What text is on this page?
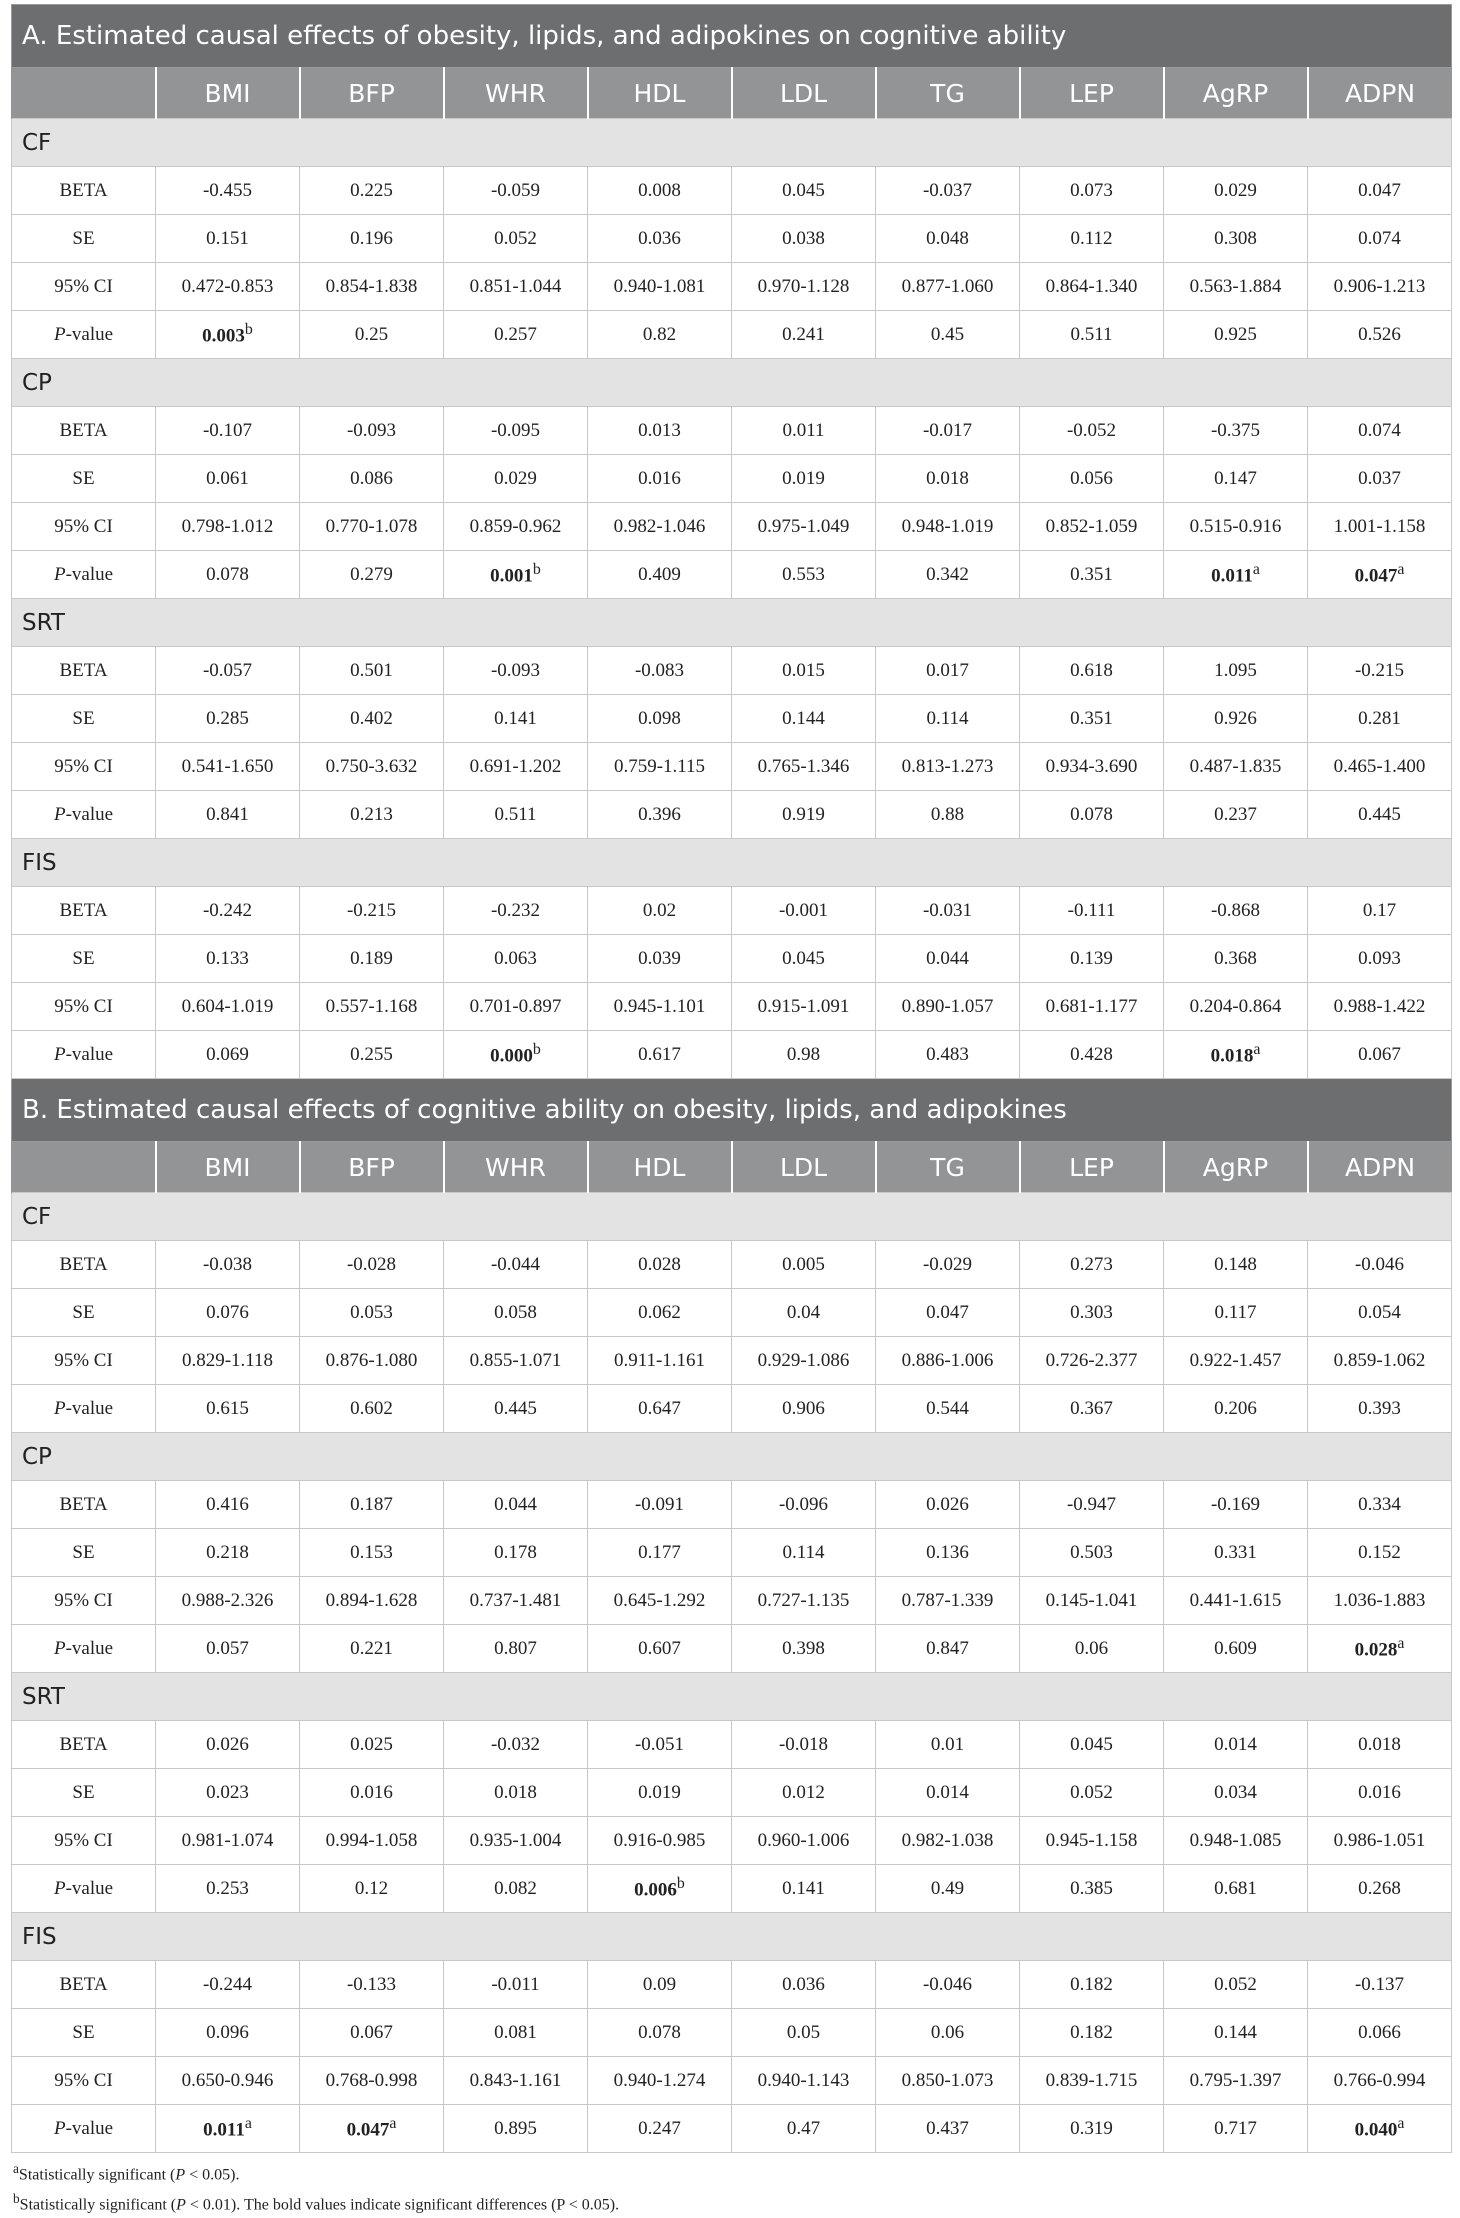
A. Estimated causal effects of obesity, lipids, and adipokines on cognitive ability									
	BMI	BFP	WHR	HDL	LDL	TG	LEP	AgRP	ADPN
CF									
BETA	-0.455	0.225	-0.059	0.008	0.045	-0.037	0.073	0.029	0.047
SE	0.151	0.196	0.052	0.036	0.038	0.048	0.112	0.308	0.074
95% CI	0.472-0.853	0.854-1.838	0.851-1.044	0.940-1.081	0.970-1.128	0.877-1.060	0.864-1.340	0.563-1.884	0.906-1.213
P-value	0.003$^b$	0.25	0.257	0.82	0.241	0.45	0.511	0.925	0.526
CP									
BETA	-0.107	-0.093	-0.095	0.013	0.011	-0.017	-0.052	-0.375	0.074
SE	0.061	0.086	0.029	0.016	0.019	0.018	0.056	0.147	0.037
95% CI	0.798-1.012	0.770-1.078	0.859-0.962	0.982-1.046	0.975-1.049	0.948-1.019	0.852-1.059	0.515-0.916	1.001-1.158
P-value	0.078	0.279	0.001$^b$	0.409	0.553	0.342	0.351	0.011$^a$	0.047$^a$
SRT									
BETA	-0.057	0.501	-0.093	-0.083	0.015	0.017	0.618	1.095	-0.215
SE	0.285	0.402	0.141	0.098	0.144	0.114	0.351	0.926	0.281
95% CI	0.541-1.650	0.750-3.632	0.691-1.202	0.759-1.115	0.765-1.346	0.813-1.273	0.934-3.690	0.487-1.835	0.465-1.400
P-value	0.841	0.213	0.511	0.396	0.919	0.88	0.078	0.237	0.445
FIS									
BETA	-0.242	-0.215	-0.232	0.02	-0.001	-0.031	-0.111	-0.868	0.17
SE	0.133	0.189	0.063	0.039	0.045	0.044	0.139	0.368	0.093
95% CI	0.604-1.019	0.557-1.168	0.701-0.897	0.945-1.101	0.915-1.091	0.890-1.057	0.681-1.177	0.204-0.864	0.988-1.422
P-value	0.069	0.255	0.000$^b$	0.617	0.98	0.483	0.428	0.018$^a$	0.067
B. Estimated causal effects of cognitive ability on obesity, lipids, and adipokines									
	BMI	BFP	WHR	HDL	LDL	TG	LEP	AgRP	ADPN
CF									
BETA	-0.038	-0.028	-0.044	0.028	0.005	-0.029	0.273	0.148	-0.046
SE	0.076	0.053	0.058	0.062	0.04	0.047	0.303	0.117	0.054
95% CI	0.829-1.118	0.876-1.080	0.855-1.071	0.911-1.161	0.929-1.086	0.886-1.006	0.726-2.377	0.922-1.457	0.859-1.062
P-value	0.615	0.602	0.445	0.647	0.906	0.544	0.367	0.206	0.393
CP									
BETA	0.416	0.187	0.044	-0.091	-0.096	0.026	-0.947	-0.169	0.334
SE	0.218	0.153	0.178	0.177	0.114	0.136	0.503	0.331	0.152
95% CI	0.988-2.326	0.894-1.628	0.737-1.481	0.645-1.292	0.727-1.135	0.787-1.339	0.145-1.041	0.441-1.615	1.036-1.883
P-value	0.057	0.221	0.807	0.607	0.398	0.847	0.06	0.609	0.028$^a$
SRT									
BETA	0.026	0.025	-0.032	-0.051	-0.018	0.01	0.045	0.014	0.018
SE	0.023	0.016	0.018	0.019	0.012	0.014	0.052	0.034	0.016
95% CI	0.981-1.074	0.994-1.058	0.935-1.004	0.916-0.985	0.960-1.006	0.982-1.038	0.945-1.158	0.948-1.085	0.986-1.051
P-value	0.253	0.12	0.082	0.006$^b$	0.141	0.49	0.385	0.681	0.268
FIS									
BETA	-0.244	-0.133	-0.011	0.09	0.036	-0.046	0.182	0.052	-0.137
SE	0.096	0.067	0.081	0.078	0.05	0.06	0.182	0.144	0.066
95% CI	0.650-0.946	0.768-0.998	0.843-1.161	0.940-1.274	0.940-1.143	0.850-1.073	0.839-1.715	0.795-1.397	0.766-0.994
P-value	0.011$^a$	0.047$^a$	0.895	0.247	0.47	0.437	0.319	0.717	0.040$^a$
$^a$Statistically significant (P < 0.05).
$^b$Statistically significant (P < 0.01). The bold values indicate significant differences (P < 0.05).
